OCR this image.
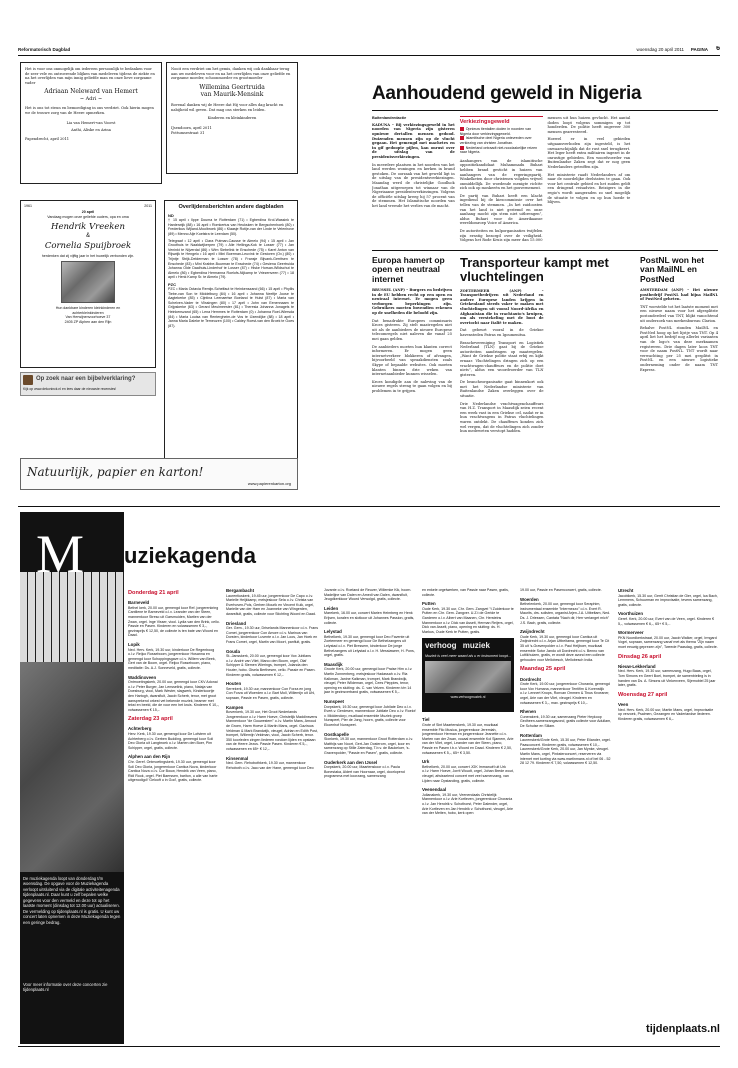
Reformatorisch Dagblad	woensdag 20 april 2011 PAGINA 6
Het is voor ons onmogelijk om iedereen persoonlijk te bedanken voor de zeer vele en ontroerende blijken van medeleven tijdens de ziekte en na het overlijden van mijn innig geliefde man en onze lieve zorgzame vader
Adriaan Neleward van Hemert
~ Adri ~
Het is ons tot steun en bemoediging in ons verdriet. Ook hierin mogen we de trouwe zorg van de Heere opmerken.
Lia van Hemert-van Voorst
Anthi, Aliske en Arina
Papendrecht, april 2011
Nooit een verdriet om het gemis, danken wij ook dankbaar terug aan uw medeleven voor en na het overlijden van onze geliefde en zorgzame moeder, schoonmoeder en grootmoeder
Willemina Geertruida
van Maurik-Mensink
Bovenal danken wij de Heere dat Hij voor alles dag kracht en nabijheid wil geven. Dat mag ons sterken en leiden.
Kinderen en kleinkinderen
IJsendoorn, april 2011
Pottumsestraat 31
1961	2011
20 april
Vandaag mogen onze geliefde ouders, opa en oma
Hendrik Vreeken
&
Cornelia Spuijbroek
herdenken dat zij vijftig jaar in het huwelijk verbonden zijn.
Hun dankbare kinderen kleinkinderen en achterkleinkinderen
Van Herwijnenvoorhoeve 37
2405 ZP Alphen aan den Rijn
Op zoek naar een bijbelverklaring?
Kijk op www.dekoninck.nl en lees daar de nieuwste recensies!
Overlijdensberichten andere dagbladen
ND
† 15 april • Ilppe Douma te Rotterdam (71) • Egberdina Krol-Wassink te Harderwijk (88) • 16 april • Romkertus van Heuksken te Bergschenhoek (80) • Frederikus Wijland-Moolbroek (86) • Klaasje Rotije-van der Linde te Velenhove (89) • Menno Alje Koelstra te Leerdam (50).
Telegraaf • 12 april • Clara Putman-Causse te Almelo (94) • 15 april • Jan Groothuis te Naaldwijkerpen (79) • Alie Hellinga-Kok te Losser (77) • Jan Veninkt te Nijverdal (86) • Wim Siebelink te Enschede (75) • Karel Anton van Rijswijk te Hengelo • 16 april • Mini Boerman-Leuvink te Gestoren (Ov.) (80) • Trijntje Strijk-Delderman te Losser (78) • Fransje Bijvank-Gerritsen te Enschede (83) • Mini Krabbe-Buurman te Enschede (74) • Gesiena Geertruida Johanna Olde Daalhuis-Linderhof te Losser (87) • Hiske Horsan-Wildschut te Almelo (86) • Egberdina Hermanna Roelofs-Nijkamp te Vriezenveen (77) • 18 april • Henk Kamp Sr. te Almelo (79).
PZC
PZC • Maria Octavia Remijn-Schelfaut te Heinkenszand (66) • 15 april • Phyllis Tiebe-van Son te Middelburg (84) • 16 april • Johanna Neeltje Joose te Aagtekerke (85) • Cijntina Leenaertse Boeland te Hulst (87) • Maria van Schelven-Vader te Vlissingen (80) • 17 april • John van Eenennaam te Grijpskerke (63) • Gerard Meulmeester (81) • Theresia Johanna Jonagels te Heinkenszand (65) • Lena Hemmes te Rotterdam (0) • Johanna Roel-Wiersda (84) • Maria Louisa van Rentergheim-de Vos te IJzendijke (88) • 18 april • Janna Maria Daleke te Terneuzen (100) • Caldey Roest-van den Broek te Goes (87).
Natuurlijk, papier en karton!
www.papierenkarton.org
Aanhoudend geweld in Nigeria
Buitenlandredactie
KADUNA – Bij verkiezingsgeweld in het noorden van Nigeria zijn gisteren opnieuw dertallen mensen gedood. Duizenden mensen zijn op de vlucht gegaan. Het gemengd met machetes en in gif gedoopte pijlen, kan onrust over de uitslag van de presidentsverkiezingen.
In meerdere plaatsen in het noorden van het land werden woningen en kerken in brand gestoken. De oorzaak van het geweld ligt in de uitslag van de presidentsverkiezingen. Maandag werd de christelijke Goodluck Jonathan uitgeroepen tot winnaar van de Nigeriaanse presidentsverkiezingen. Volgens de officiële uitslag kreeg hij 57 procent van de stemmen. Het Islamitische noorden van het land vreesde het verlies van de macht.
Verkiezingsgeweld
Opnieuw tientallen doden in noorden van Nigeria door verkiezingsgeweld.
Islamitische deel Nigeria ontevreden over verkiezing van christen Jonathan.
Nederland ontraadt niet-noodzakelijke reizen naar Nigeria.
Aanhangers van de islamitische oppositiekandidaat Muhammadu Buhari hebben brand gesticht in huizen van aanhangers van de regeringspartij. Winkelketen door christenen volgden vrijwel onmiddellijk. De woedende menigte richtte zich ook op moskeeën en het gouvernement.
De partij van Buhari heeft een klacht ingediend bij de kiescommissie over het tellen van de stemmen. „In het zuidoosten van het land is niet gestemd en onze aanhang mocht zijn stem niet uitbrengen”, aldus Buhari voor de Amerikaanse wereldomroep Voice of America.
De autoriteiten en hulporganisaties twijfelen zijn ernstig bezorgd over de veiligheid. Volgens het Rode Kruis zijn meer dan 15.000 mensen uit hun huizen gevlucht. Het aantal doden loopt volgens sommigen op tot honderden. De politie heeft ongeveer 300 mensen gearresteerd.
Hoewel er in veel gebieden uitgaansverboden zijn ingesteld, is het onwaarschijnlijk dat de rust snel terugkeert. Het leger heeft extra militairen ingezet in de onrustige gebieden. Een woordvoerder van Buitenlandse Zaken zegt dat er nog geen Nederlanders getroffen zijn.
Het ministerie raadt Nederlanders af om naar de noordelijke deelstaten te gaan. Ook voor het centrale gebied en het zuiden geldt een dringend reisadvies. Reizigers in die regio's wordt aangeraden zo snel mogelijk de situatie te volgen en op hun hoede te blijven.
Europa hamert op open en neutraal internet
BRUSSEL (ANP) – Burgers en bedrijven in de EU hebben recht op een open en neutraal internet. Er mogen geen verborgen beperkingen zijn. Gebruikers moeten bovendien rekenen op de snelheden die beloofd zijn.
Dat benadrukte Europees commissaris Kroes gisteren. Zij stelt maatregelen niet uit als de aanbieders de nieuwe Europese telecomregels niet naleven die vanaf 25 mei gaan gelden.
De aanbieders moeten hun klanten correct informeren. Er mogen geen internetverkeer blokkeren of afvangen, bijvoorbeeld van spraakdiensten zoals Skype of bepaalde websites. Ook moeten klanten binnen drie weken van internetaanbieder kunnen wisselen.
Kroes kondigde aan de naleving van de nieuwe regels streng te gaan volgen en bij problemen in te grijpen.
Transporteur kampt met vluchtelingen
ZOETERMEER (ANP) – Transportbedrijven uit Nederland en andere Europese landen krijgen in Griekenland steeds vaker te maken met vluchtelingen uit vooral Noord-Afrika en Afghanistan die in vrachtauto's kruipen, om als verstekeling met de boot de overtocht naar Italië te maken.
Dat gebeurt vooral in de Griekse havensteden Patras en Igoumenitsa.
Branchevereniging Transport en Logistiek Nederland (TLN) gaat bij de Griekse autoriteiten aandringen op maatregelen. „Want de Griekse politie staat erbij en kijkt ernaar. Vluchtelingen dringen zich op een vrachtwagen-chauffeurs en de politie doet niets”, aldus een woordvoerder van TLN gisteren.
De brancheorganisatie gaat binnenkort ook met het Nederlandse ministerie van Buitenlandse Zaken overleggen over de situatie.
Drie Nederlandse vrachtwagenchauffeurs van H.Z. Transport in Maasdijk zeien recent een week vast in een Griekse cel, nadat er in hun vrachtwagens in Patras vluchtelingen waren ontdekt. De chauffeurs konden zich wel vergen, dat de vluchtelingen zich zonder hun medeweten verstopt hadden.
PostNL won het van MailNL en PostNed
AMSTERDAM (ANP) – Het nieuwe postbedrijf PostNL had bijna MailNL of PostNed geheten.
TNT worstelde tot het laatste moment met een nieuwe naam voor het afgesplitste postonderdeel van TNT, blijkt vanochtend uit onderzoek van merkenbureau Clarion.
Behalve PostNL stonden MailNL en PostNed hoog op het lijstje van TNT. Op 4 april liet het bedrijf nog allerlei varianten van de logo's van deze merknamen registreren. Drie dagen later koos TNT voor de naam PostNL. TNT wordt naar verwachting per 25 mei gesplitst in PostNL en een nieuwe logistieke onderneming onder de naam TNT Express.
De muziekagenda loopt van donderdag t/m woensdag. De opgave voor de Muziekagenda verloopt uitsluitend via de digitale activiteitenagenda tijdenplaats.nl. Daar kunt u zelf bepalen welke gegevens voor den vermeld en deze tot op het laatste moment (dinsdag tot 12.00 uur) actualiseren. De vermelding op tijdenplaats.nl is gratis. U kunt uw concert laten opnemen in deze Muziekagenda tegen een geringe bedrag.
Voor meer informatie over deze concerten zie tijdenplaats.nl
M uziekagenda
Donderdag 21 april
Barneveld
Bethel kerk, 20.00 uur, gemengd koor Ref. jongerenkring Cantilene te Barneveld o.l.v. Leander van der Steen, mannenkoor Streso uit Garsmuiden, Martien van der Zwan, orgel. Inge Visser, viool. Lydia van den Brink, cello. Passie en Pasen. Kinderen en volwassenen € 3,-, gezinsprijs € 12,50, de collecte is ten bate van Woord en Daad.
Lopik
Ned. Herv. Kerk, 19.30 uur, kinderkoor De Regenboog o.l.v. Reijco Rosseboom, jongerenkoor Hosanna en gemengd koor Schoppingsgave o.l.v. Willem van Beek, Gert van de Boom, orgel. Reijco Rosseboom, piano, meditatie: Ds. A.J. Sonneveld, gratis, collecte.
Waddinxveen
Ontmoetingskerk, 20.00 uur, gemengd koor CKV Adonai o.l.v. Peter Burger, Jan Lensselink, piano, Nataja van Doesburg, viool, Mark Wester, slagwerk, Kinderkoortje den Hartogh, dwarsfluit, Jacob Scherb, tenor, met groot aansprekend orkest vet bekende muziek, beamer met tekst en beeld, die de voor een het kruis. Kinderen € 10,-, volwassenen € 15,-.
Zaterdag 23 april
Achterberg
Herv. Kerk, 19.30 uur, gemengd koor De Lofstem uit Achterberg o.l.v. Gerben Budding, gemengd koor Soli Deo Gloria uit Langbroek o.l.v. Marten den Boer, Pim Schipper, orgel, gratis, collecte.
Alphen aan den Rijn
Chr. Geref. Ontmoetingskerk, 19.30 uur, gemengd koor Soli Deo Gloria, jongerenkoor Cantica Nova, kinderkoor Cantica Nova o.l.v. Cor Bouw, Hendrik van Veen, piano, Ridi Rook, orgel. Piet Baerssen, bariton, u alle van harte uitgenodigd! 'Gelooft u in God', gratis, collecte.
Bergambacht
Laurentiuskerk, 19.45 uur, jongerenkoor De Capo o.l.v. Marielle Heijkkamp, meisjeskoor Sela o.l.v. Christa van Everhoven-Pols, Gerben Mourik en Vincent Kuik, orgel, Marielle van der Ham en Joanneke van Wingerden, dwarsfluit, gratis, collecte voor Stichting Woord en Daad.
Driesland
Ger. Gem., 19.30 uur, Driselands Mannenkoor o.l.v. Frans Comet, jongerenkoor Con Amore o.l.v. Marinus van Dorsten, kinderkoor Luvente o.l.v. Jan Loos, Jan Hoek en Frans Comet, orgel, Martin van Moort, panfluit, gratis.
Gouda
St.-Jansskerk, 20.00 uur, gemengd koor Vox Jubilans o.l.v. André van Vliet, Marco den Boom, orgel, Olaf Schipper & Siemen Wierings, trompet, Jolanda den Houter, hobo. Gisela Berthesen, cello. Passie en Pasen. Kinderen gratis, volwassenen € 12,-.
Houten
Serrekerk, 19.30 uur, mannenkoor Con Forza en jong Con Forza uit Woerden o.l.v. Bart Moll, Willemijn uit Uhl, sopraan, Passie en Pasen, gratis, collecte.
Kampen
Bovenkerk, 19.30 uur, Het Groot Nederlands Jongerenkoor o.l.v. Harm Hoeve, Christelijk Maddinsvens Mannenkoor "de Gouwestem" o.l.v. Martin Mans, Arnoud de Groen, Harm Hoeve & Martin Mans, orgel. Gaziruus Veldman & Mark Brandwijk, vleugel, Adrian en Edith Post, trompet, Willemijn Veldman, viool, Jacob Scherb, tenor. 350 koorleden zingen liederen rondom lijden en opstaan van de Heere Jezus. Passie Pasen. Kinderen € 5,-, volwassenen en 65+ € 12,-.
Kinsenmal
Ned. Gem. Rehobothkerk, 19.30 uur, mannenkoor Rehoboth o.l.v. Jaco van der Hane, gemengd koor Deo
Juvante o.l.v. Roeland de Reuver, Willemke Kik, hoorn. Madelijne van Dalen en Amedi van Dalen, dwarsfluit, Jeugdkerkkoor Woord Verwolgd, gratis, collecte.
Leiden
Marekerk, 16.00 uur, concert Marien Heimberg en Henk Erijsen, koralen en slotkoor uit Johannes Passion, gratis, collecte.
Lelystad
Bethelkerk, 19.30 uur, gemengd koor Deo Favente uit Zoetermeer en gemengd koor De Bethelzangers uit Lelystad o.l.v. Piet Bressem, kinderkoor De jonge Bethelzangers uit Lelystad o.l.v. H. Messiaweer, H. Pons, orgel, gratis.
Maasdijk
Groote Kerk, 20.00 uur, gemengd koor Praise Him o.l.v. Martin Zonnenberg, meisjeskoor Hadassah o.l.v. Ria Kalkman, Janine Kalkman, trompet, Mark Brandwijk, vleugel, Peter Wildeman, orgel, Cees Pieppies, tenor, opening en sluiting: ds. C. van Velzen. Kinderen t/m 14 jaar in gezinsverband gratis, volwassenen € 5,-.
Nunspeet
Dorpskerk, 19.30 uur, gemengd koor Jubilate Deo o.l.v. Evert-v. Gerdesen, mannenkoor Jubilate Deo o.l.v. Roelof v. Middendorp, muzikaal ensemble Muziek groep Nunspeet, Pier de Jong, hoorn, gratis, collecte voor Ekoenhof Nunspeet.
Oostkapelle
Sionkerk, 19.30 uur, mannenkoor Groot Rotterdam o.l.v. Matthijs van Noort, Gert-Jan Oosterom, orgel, koor en samenzang op Stille Zaterdag, T.b.v. de Baukeluer, 's-Gravenpolder, "Passie en Pasen", gratis, collecte.
Ouderkerk aan den IJssel
Dorpskerk, 20.00 uur, Maartenskoor o.l.v. Paula Bonestaka, Aldert van Hoornaar, orgel, doorlopend programma met koorzang, samenzang
en enkele orgelwerken, van Passie naar Pasen, gratis, collecte.
Putten
Oude Kerk, 19.30 uur, Chr. Gem. Zangvei "t Zuiderkoor te Putten en Chr. Gem. Zangver. U.Z.t de Geride te Garderen o.l.v. Albert van Maanen, Chr. Hersteins Mannenkoor o.l.v. Dick van Asselt, Herman Reijers, orgel, Dick van Asselt, piano, opening en sluiting: ds. H. Markus, Oude Kerk te Putten, gratis.
verhoog muziek
Muziek is veel meer waard als u er instrument koopt...
www.verhoogmuziek.nl
Tiel
Grote of Sint Maartenskerk, 19.30 uur, muzikaal ensemble Filo Musica, jongerenkoor Jeremiah, jongerenkoor Herman en jongerenkoor Jeanette o.l.v. Marten van der Zwan, vocaal ensemble Kol Sjamem, Arie van der Vliet, orgel, Leander van der Steen, piano, Passie en Pasen t.b.v. Woord en Daad. Kinderen € 2,50, volwassenen € 5,-, 65+ € 3,50.
Urk
Bethelkerk, 20.00 uur, concert JGK Immanuël uit Urk o.l.v. Harm Hoeve, Jorrit Woudt, orgel, Johan Brede wout, vleugel, afwisselend concert met veel samenzang, van Lijden naar Opstanding, gratis, collecte.
Veenendaal
Julianakerk, 19.30 uur, Veenendaals Christelijk Mannenkoor o.l.v. Arie Kortleven, jongerenkoor Chorania o.l.v. Jan Hendrik v. Schothorst, Peter Dalender, orgel, Arie Kortleven en Jan Hendrik v. Schothorst, vleugel, Arie van der Meiten, hobo, kerk open
19.00 uur, Passie en Pasenconcert, gratis, collecte.
Woerden
Bethelenkerk, 20.00 uur, gemengd koor Seraphim, instrumentaal ensemble "Intermezzo" o.l.v. Evert R. Maurits, drs. solisten, organist Arjen-J.A. Uitbeltam, Ned. Ds. J. Driessen, Cantata "Nach dir, Herr verlanget mich" J.S. Bach, gratis, collecte.
Zwijndrecht
Oude Kerk, 19.30 uur, gemengd koor Cantica uit Zwijndrecht o.l.v. Arjan Uitbeltama, gemengd koor Te Cit 35 uit 's-Gravenpolder o.l.v. Paul Heijboer, muzikaal ensemble Sotor Jando uit Dordrecht o.l.v. Benno van Luttikhuizen, gratis, er wordt deze avond een collecte gehouden voor Mellobesch, Mellobesch India.
Maandag 25 april
Dordrecht
Grote Kerk, 19.00 uur, jongerenkoor Chorania, gemengd koor Vox Humana, mannenkoor Tentifim & Korenstijk o.l.v. Lennert Knops, Ronvan Ommen & Tinus Kroeaner, orgel, Arie van der Vliet, vleugel. Kinderen en volwassenen € 3,-, max. gezinsprijs € 10,-.
Rhenen
Cunerakerk, 19.30 uur, samenzang Pieter Heykoop Gedheen-samenzangavond, gratis collecte voor Adullam, De Schulse en Siliam.
Rotterdam
Laurenskerk/Grote Kerk, 15.30 uur, Peter Eilander, orgel. Paasconcert. Kinderen gratis, volwassenen € 10,-. Laurenskerk/Grote Kerk, 20.00 uur, Jan Mynke, vleugel. Martin Mans, orgel, Pinksterconcert, reserveren via internet met korting via www.martinmans.nl of bel 06 - 52 28 12 79. Kinderen € 7,50, volwassenen € 12,50.
Utrecht
Jacobikerk, 15.30 uur, Gerrit Christian de Gier, orgel, Ica Bach, Lemmens, Schuurman en improvisatie, tevens samenzang, gratis, collecte.
Voorthuizen
Geref. Kerk, 20.00 uur, Evert van de Veen, orgel. Kinderen € 5,-, volwassenen € 6,-, 65+ € 5,-.
Wormerveer
PKN Noordkerkstraat, 20.00 uur, Jacob Walker, orgel, Irmgard Vogel, sopraan, samenzang vanaf met als thema "Zijn naam moet eeuwig geprezen zijn", Tweede Paasdag, gratis, collecte.
Dinsdag 26 april
Nieuw-Lekkerland
Ned. Herv. Kerk, 19.30 uur, samenzang, Hugo Baas, orgel, Tom Simons en Geert Boel, trompet, de samenbieling is in handen van Ds. A. Simons uit Vinkenveen, Sijemobiel 25 jaar later, gratis.
Woensdag 27 april
Veen
Ned. Herv. Kerk, 20.00 uur, Martin Mans, orgel, improvisatie op verzoek, Psalmen, Gezangen en Vaderlandse liederen. Kinderen gratis, volwassenen € 6,-.
tijdenplaats.nl
